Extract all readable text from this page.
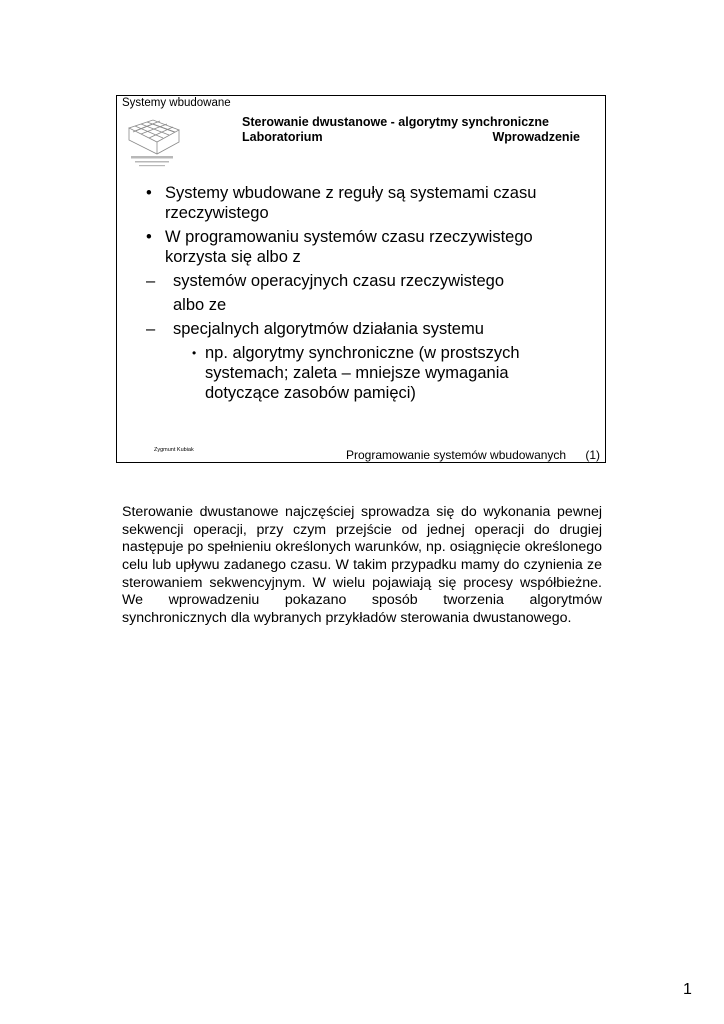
Systemy wbudowane
Sterowanie dwustanowe - algorytmy synchroniczne
Laboratorium	Wprowadzenie
• Systemy wbudowane z reguły są systemami czasu rzeczywistego
• W programowaniu systemów czasu rzeczywistego korzysta się albo z
– systemów operacyjnych czasu rzeczywistego
albo ze
– specjalnych algorytmów działania systemu
• np. algorytmy synchroniczne (w prostszych systemach; zaleta – mniejsze wymagania dotyczące zasobów pamięci)
Zygmunt Kubiak	Programowanie systemów wbudowanych (1)

Sterowanie dwustanowe najczęściej sprowadza się do wykonania pewnej sekwencji operacji, przy czym przejście od jednej operacji do drugiej następuje po spełnieniu określonych warunków, np. osiągnięcie określonego celu lub upływu zadanego czasu. W takim przypadku mamy do czynienia ze sterowaniem sekwencyjnym. W wielu pojawiają się procesy współbieżne. We wprowadzeniu pokazano sposób tworzenia algorytmów synchronicznych dla wybranych przykładów sterowania dwustanowego.

1
